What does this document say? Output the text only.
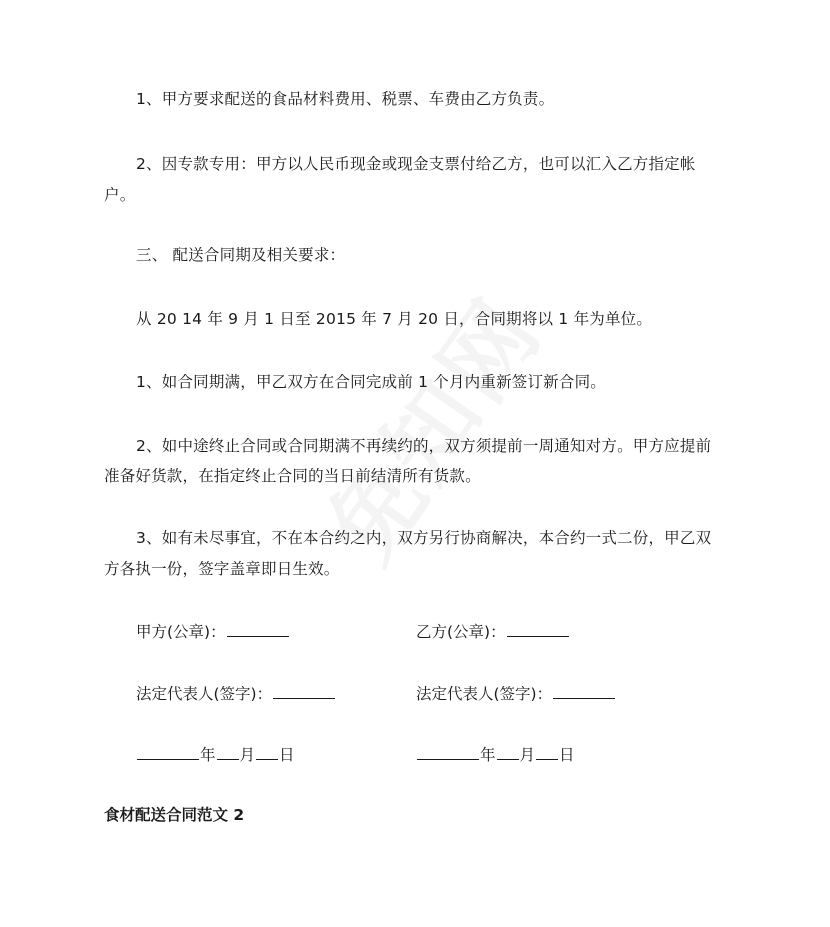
1、甲方要求配送的食品材料费用、税票、车费由乙方负责。
2、因专款专用：甲方以人民币现金或现金支票付给乙方，也可以汇入乙方指定帐
户。
三、 配送合同期及相关要求：
从 20 14 年 9 月 1 日至 2015 年 7 月 20 日，合同期将以 1 年为单位。
1、如合同期满，甲乙双方在合同完成前 1 个月内重新签订新合同。
2、如中途终止合同或合同期满不再续约的，双方须提前一周通知对方。甲方应提前
准备好货款，在指定终止合同的当日前结清所有货款。
3、如有未尽事宜，不在本合约之内，双方另行协商解决，本合约一式二份，甲乙双
方各执一份，签字盖章即日生效。
甲方(公章)：	乙方(公章)：
法定代表人(签字)：	法定代表人(签字)：
年 月 日	年 月 日
食材配送合同范文 2
